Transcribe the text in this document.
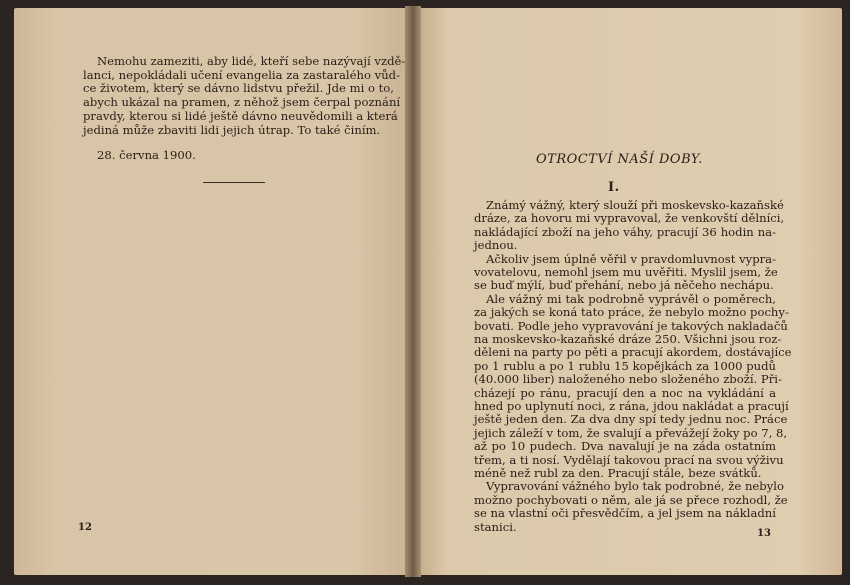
Nemohu zameziti, aby lidé, kteří sebe nazývají vzdě-
lanci, nepokládali učení evangelia za zastaralého vůd-
ce životem, který se dávno lidstvu přežil. Jde mi o to,
abych ukázal na pramen, z něhož jsem čerpal poznání
pravdy, kterou si lidé ještě dávno neuvědomili a která
jediná může zbaviti lidi jejich útrap. To také činím.
28. června 1900.
12
OTROCTVÍ NAŠÍ DOBY.
I.
Známý vážný, který slouží při moskevsko-kazaňské
dráze, za hovoru mi vypravoval, že venkovští dělníci,
nakládající zboží na jeho váhy, pracují 36 hodin na-
jednou.
Ačkoliv jsem úplně věřil v pravdomluvnost vypra-
vovatelovu, nemohl jsem mu uvěřiti. Myslil jsem, že
se buď mýlí, buď přehání, nebo já něčeho nechápu.
Ale vážný mi tak podrobně vyprávěl o poměrech,
za jakých se koná tato práce, že nebylo možno pochy-
bovati. Podle jeho vypravování je takových nakladačů
na moskevsko-kazaňské dráze 250. Všichni jsou roz-
děleni na party po pěti a pracují akordem, dostávajíce
po 1 rublu a po 1 rublu 15 kopějkách za 1000 pudů
(40.000 liber) naloženého nebo složeného zboží. Při-
cházejí po ránu, pracují den a noc na vykládání a
hned po uplynutí noci, z rána, jdou nakládat a pracují
ještě jeden den. Za dva dny spí tedy jednu noc. Práce
jejich záleží v tom, že svalují a převážejí žoky po 7, 8,
až po 10 pudech. Dva navalují je na záda ostatním
třem, a ti nosí. Vydělají takovou prací na svou výživu
méně než rubl za den. Pracují stále, beze svátků.
Vypravování vážného bylo tak podrobné, že nebylo
možno pochybovati o něm, ale já se přece rozhodl, že
se na vlastní oči přesvědčím, a jel jsem na nákladní
stanici.	13
